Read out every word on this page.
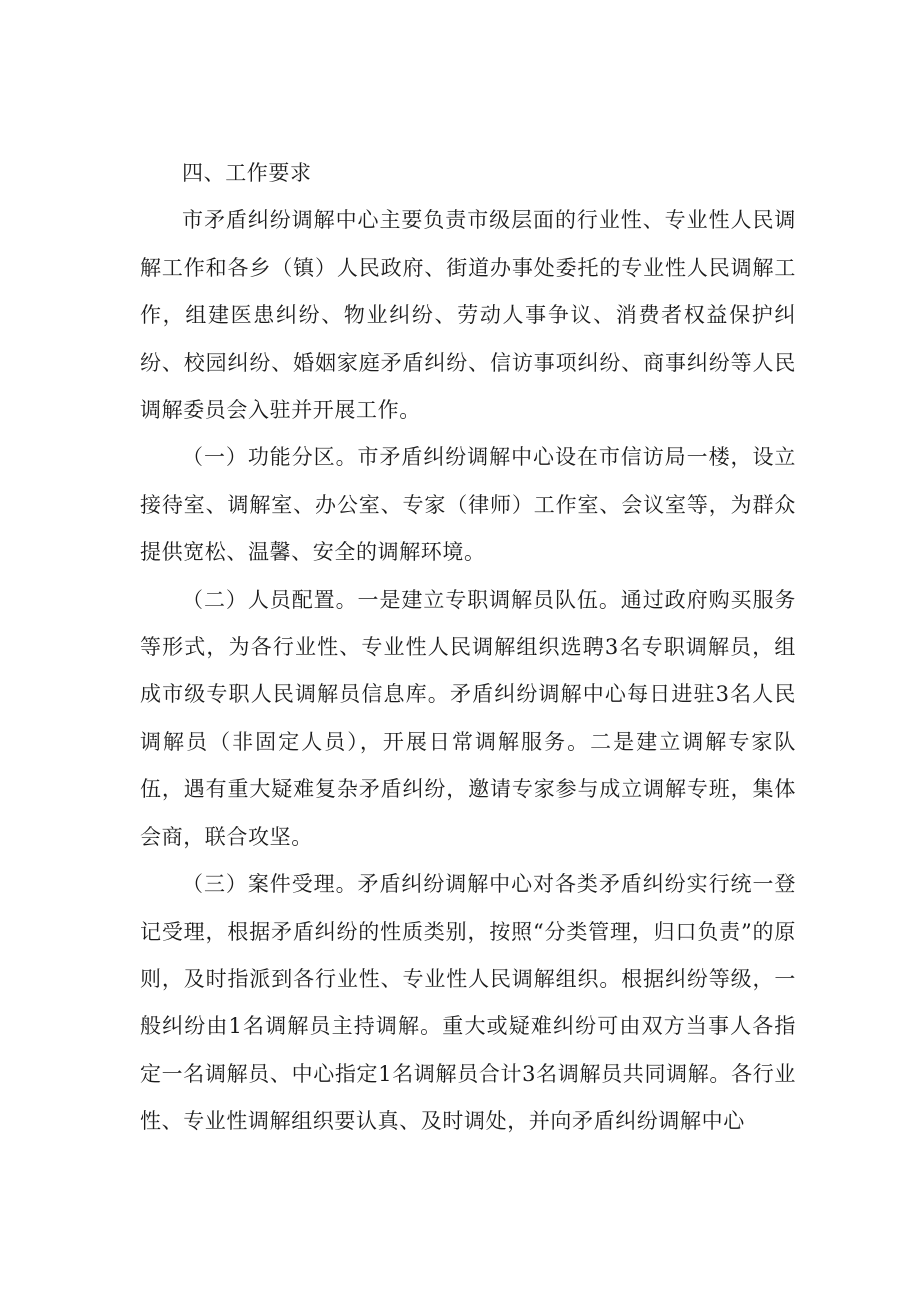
四、工作要求

市矛盾纠纷调解中心主要负责市级层面的行业性、专业性人民调解工作和各乡（镇）人民政府、街道办事处委托的专业性人民调解工作，组建医患纠纷、物业纠纷、劳动人事争议、消费者权益保护纠纷、校园纠纷、婚姻家庭矛盾纠纷、信访事项纠纷、商事纠纷等人民调解委员会入驻并开展工作。

（一）功能分区。市矛盾纠纷调解中心设在市信访局一楼，设立接待室、调解室、办公室、专家（律师）工作室、会议室等，为群众提供宽松、温馨、安全的调解环境。

（二）人员配置。一是建立专职调解员队伍。通过政府购买服务等形式，为各行业性、专业性人民调解组织选聘3名专职调解员，组成市级专职人民调解员信息库。矛盾纠纷调解中心每日进驻3名人民调解员（非固定人员），开展日常调解服务。二是建立调解专家队伍，遇有重大疑难复杂矛盾纠纷，邀请专家参与成立调解专班，集体会商，联合攻坚。

（三）案件受理。矛盾纠纷调解中心对各类矛盾纠纷实行统一登记受理，根据矛盾纠纷的性质类别，按照“分类管理，归口负责”的原则，及时指派到各行业性、专业性人民调解组织。根据纠纷等级，一般纠纷由1名调解员主持调解。重大或疑难纠纷可由双方当事人各指定一名调解员、中心指定1名调解员合计3名调解员共同调解。各行业性、专业性调解组织要认真、及时调处，并向矛盾纠纷调解中心
